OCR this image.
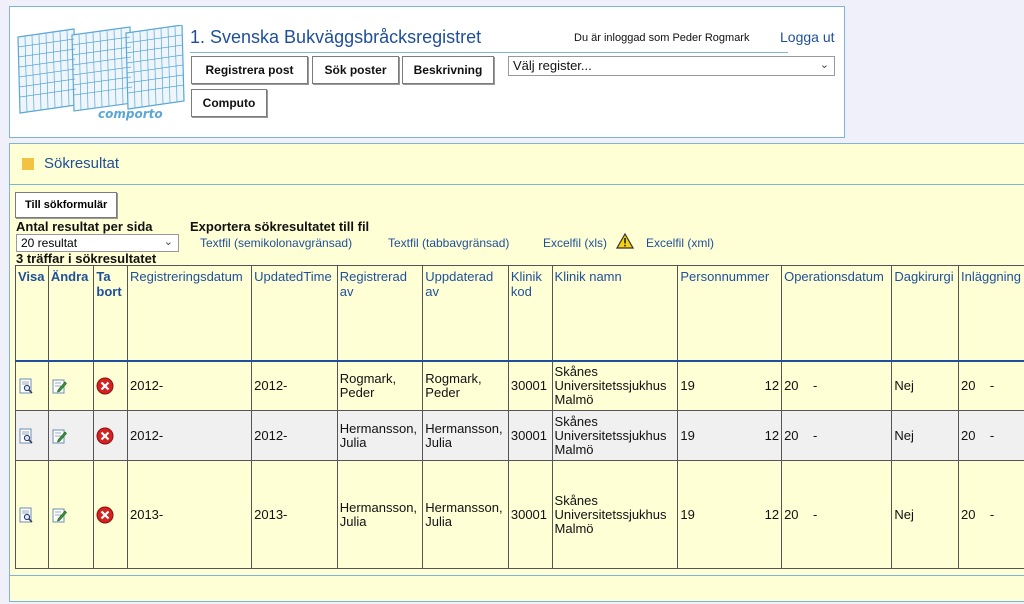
comporto
1. Svenska Bukväggsbråcksregistret	Du är inloggad som Peder Rogmark Logga ut
Registrera post	Sök poster	Beskrivning
Computo
Välj register...	⌄
Sökresultat
Till sökformulär
Antal resultat per sida	Exportera sökresultatet till fil
20 resultat	⌄ Textfil (semikolonavgränsad)	Textfil (tabbavgränsad)	Excelfil (xls)	Excelfil (xml)
3 träffar i sökresultatet
Visa	Ändra	Ta bort	Registreringsdatum	UpdatedTime	Registrerad av	Uppdaterad av	Klinik kod	Klinik namn	Personnummer	Operationsdatum	Dagkirurgi	Inläggning
			2012-	2012-	Rogmark, Peder	Rogmark, Peder	30001	Skånes Universitetssjukhus Malmö	19 12	20    -	Nej	20    -
			2012-	2012-	Hermansson, Julia	Hermansson, Julia	30001	Skånes Universitetssjukhus Malmö	19 12	20    -	Nej	20    -
			2013-	2013-	Hermansson, Julia	Hermansson, Julia	30001	Skånes Universitetssjukhus Malmö	19 12	20    -	Nej	20    -
